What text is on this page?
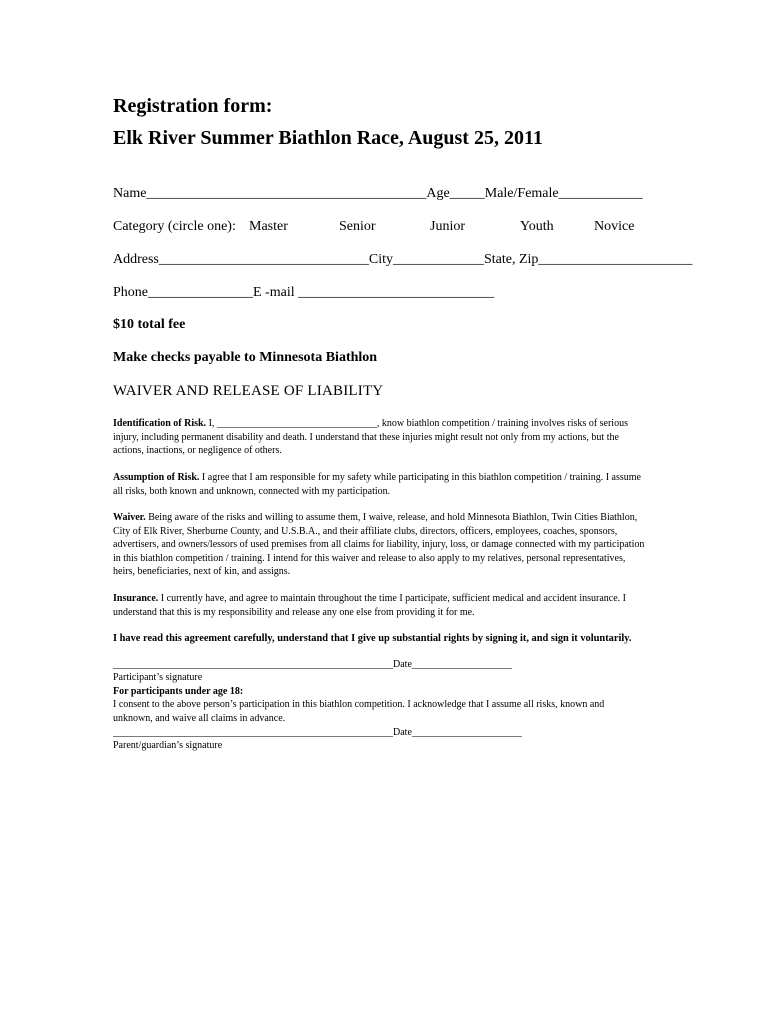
Registration form:
Elk River Summer Biathlon Race, August 25, 2011
Name________________________________________Age_____Male/Female____________
Category (circle one): Master	Senior	Junior	Youth	Novice
Address______________________________City_____________State, Zip______________________
Phone_______________E -mail ____________________________
$10 total fee
Make checks payable to Minnesota Biathlon
WAIVER AND RELEASE OF LIABILITY
Identification of Risk. I, ________________________________, know biathlon competition / training involves risks of serious
injury, including permanent disability and death. I understand that these injuries might result not only from my actions, but the
actions, inactions, or negligence of others.
Assumption of Risk. I agree that I am responsible for my safety while participating in this biathlon competition / training. I assume
all risks, both known and unknown, connected with my participation.
Waiver. Being aware of the risks and willing to assume them, I waive, release, and hold Minnesota Biathlon, Twin Cities Biathlon,
City of Elk River, Sherburne County, and U.S.B.A., and their affiliate clubs, directors, officers, employees, coaches, sponsors,
advertisers, and owners/lessors of used premises from all claims for liability, injury, loss, or damage connected with my participation
in this biathlon competition / training. I intend for this waiver and release to also apply to my relatives, personal representatives,
heirs, beneficiaries, next of kin, and assigns.
Insurance. I currently have, and agree to maintain throughout the time I participate, sufficient medical and accident insurance. I
understand that this is my responsibility and release any one else from providing it for me.
I have read this agreement carefully, understand that I give up substantial rights by signing it, and sign it voluntarily.
________________________________________________________Date____________________
Participant’s signature
For participants under age 18:
I consent to the above person’s participation in this biathlon competition. I acknowledge that I assume all risks, known and
unknown, and waive all claims in advance.
________________________________________________________Date______________________
Parent/guardian’s signature
